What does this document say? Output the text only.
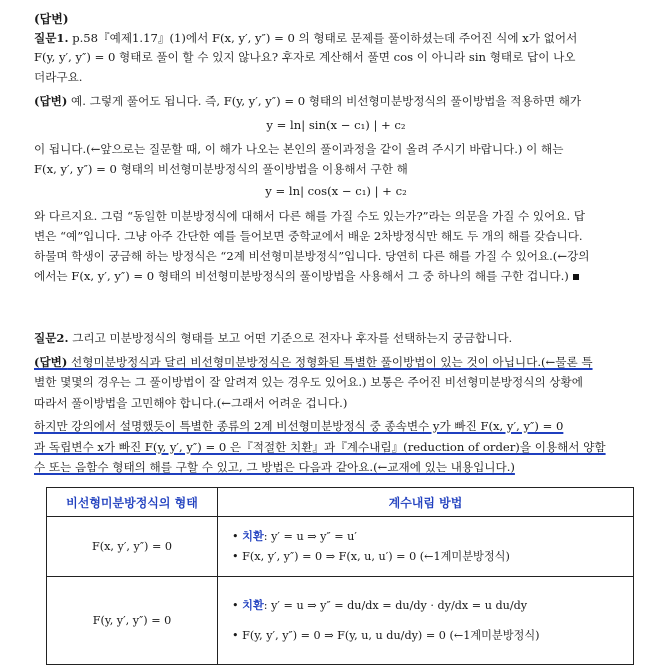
(답변)
질문1. p.58『예제1.17』(1)에서 F(x, y′, y″) = 0 의 형태로 문제를 풀이하셨는데 주어진 식에 x가 없어서
F(y, y′, y″) = 0 형태로 풀이 할 수 있지 않나요? 후자로 계산해서 풀면 cos 이 아니라 sin 형태로 답이 나오
더라구요.
(답변) 예. 그렇게 풀어도 됩니다. 즉, F(y, y′, y″) = 0 형태의 비선형미분방정식의 풀이방법을 적용하면 해가
y = ln| sin(x − c₁) | + c₂
이 됩니다.(←앞으로는 질문할 때, 이 해가 나오는 본인의 풀이과정을 같이 올려 주시기 바랍니다.) 이 해는
F(x, y′, y″) = 0 형태의 비선형미분방정식의 풀이방법을 이용해서 구한 해
y = ln| cos(x − c₁) | + c₂
와 다르지요. 그럼 “동일한 미분방정식에 대해서 다른 해를 가질 수도 있는가?”라는 의문을 가질 수 있어요. 답
변은 “예”입니다. 그냥 아주 간단한 예를 들어보면 중학교에서 배운 2차방정식만 해도 두 개의 해를 갖습니다.
하물며 학생이 궁금해 하는 방정식은 “2계 비선형미분방정식”입니다. 당연히 다른 해를 가질 수 있어요.(←강의
에서는 F(x, y′, y″) = 0 형태의 비선형미분방정식의 풀이방법을 사용해서 그 중 하나의 해를 구한 겁니다.)
질문2. 그리고 미분방정식의 형태를 보고 어떤 기준으로 전자나 후자를 선택하는지 궁금합니다.
(답변) 선형미분방정식과 달리 비선형미분방정식은 정형화된 특별한 풀이방법이 있는 것이 아닙니다.(←물론 특
별한 몇몇의 경우는 그 풀이방법이 잘 알려져 있는 경우도 있어요.) 보통은 주어진 비선형미분방정식의 상황에
따라서 풀이방법을 고민해야 합니다.(←그래서 어려운 겁니다.)
하지만 강의에서 설명했듯이 특별한 종류의 2계 비선형미분방정식 중 종속변수 y가 빠진 F(x, y′, y″) = 0
과 독립변수 x가 빠진 F(y, y′, y″) = 0 은『적절한 치환』과『계수내림』(reduction of order)을 이용해서 양함
수 또는 음함수 형태의 해를 구할 수 있고, 그 방법은 다음과 같아요.(←교재에 있는 내용입니다.)
비선형미분방정식의 형태	계수내림 방법
F(x, y′, y″) = 0	• 치환: y′ = u ⇒ y″ = u′
• F(x, y′, y″) = 0 ⇒ F(x, u, u′) = 0 (←1계미분방정식)

F(y, y′, y″) = 0	• 치환: y′ = u ⇒ y″ = du/dx = du/dy · dy/dx = u du/dy
• F(y, y′, y″) = 0 ⇒ F(y, u, u du/dy) = 0 (←1계미분방정식)
